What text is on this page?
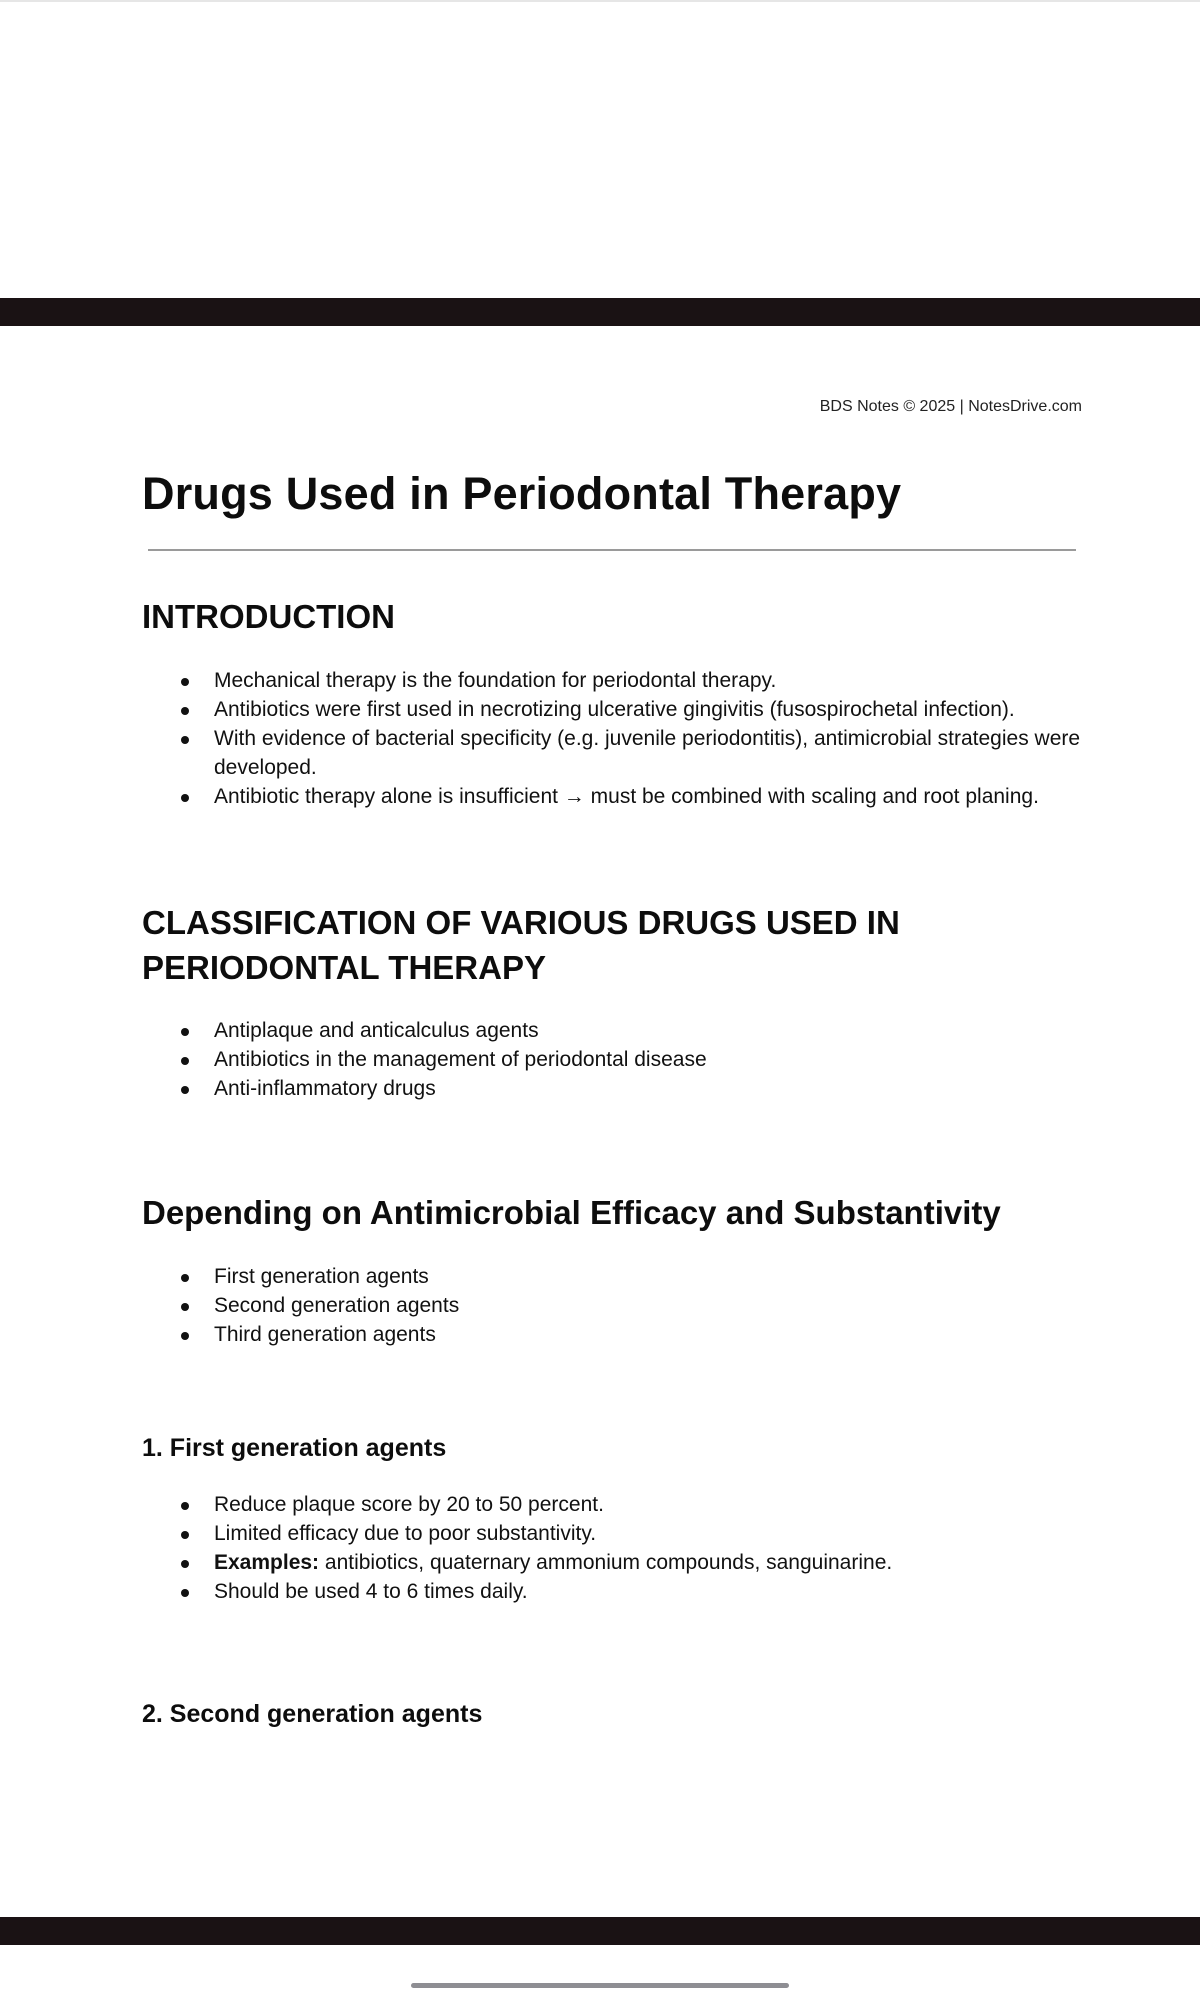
BDS Notes © 2025 | NotesDrive.com
Drugs Used in Periodontal Therapy
INTRODUCTION
Mechanical therapy is the foundation for periodontal therapy.
Antibiotics were first used in necrotizing ulcerative gingivitis (fusospirochetal infection).
With evidence of bacterial specificity (e.g. juvenile periodontitis), antimicrobial strategies were developed.
Antibiotic therapy alone is insufficient → must be combined with scaling and root planing.
CLASSIFICATION OF VARIOUS DRUGS USED IN
PERIODONTAL THERAPY
Antiplaque and anticalculus agents
Antibiotics in the management of periodontal disease
Anti-inflammatory drugs
Depending on Antimicrobial Efficacy and Substantivity
First generation agents
Second generation agents
Third generation agents
1. First generation agents
Reduce plaque score by 20 to 50 percent.
Limited efficacy due to poor substantivity.
Examples: antibiotics, quaternary ammonium compounds, sanguinarine.
Should be used 4 to 6 times daily.
2. Second generation agents
